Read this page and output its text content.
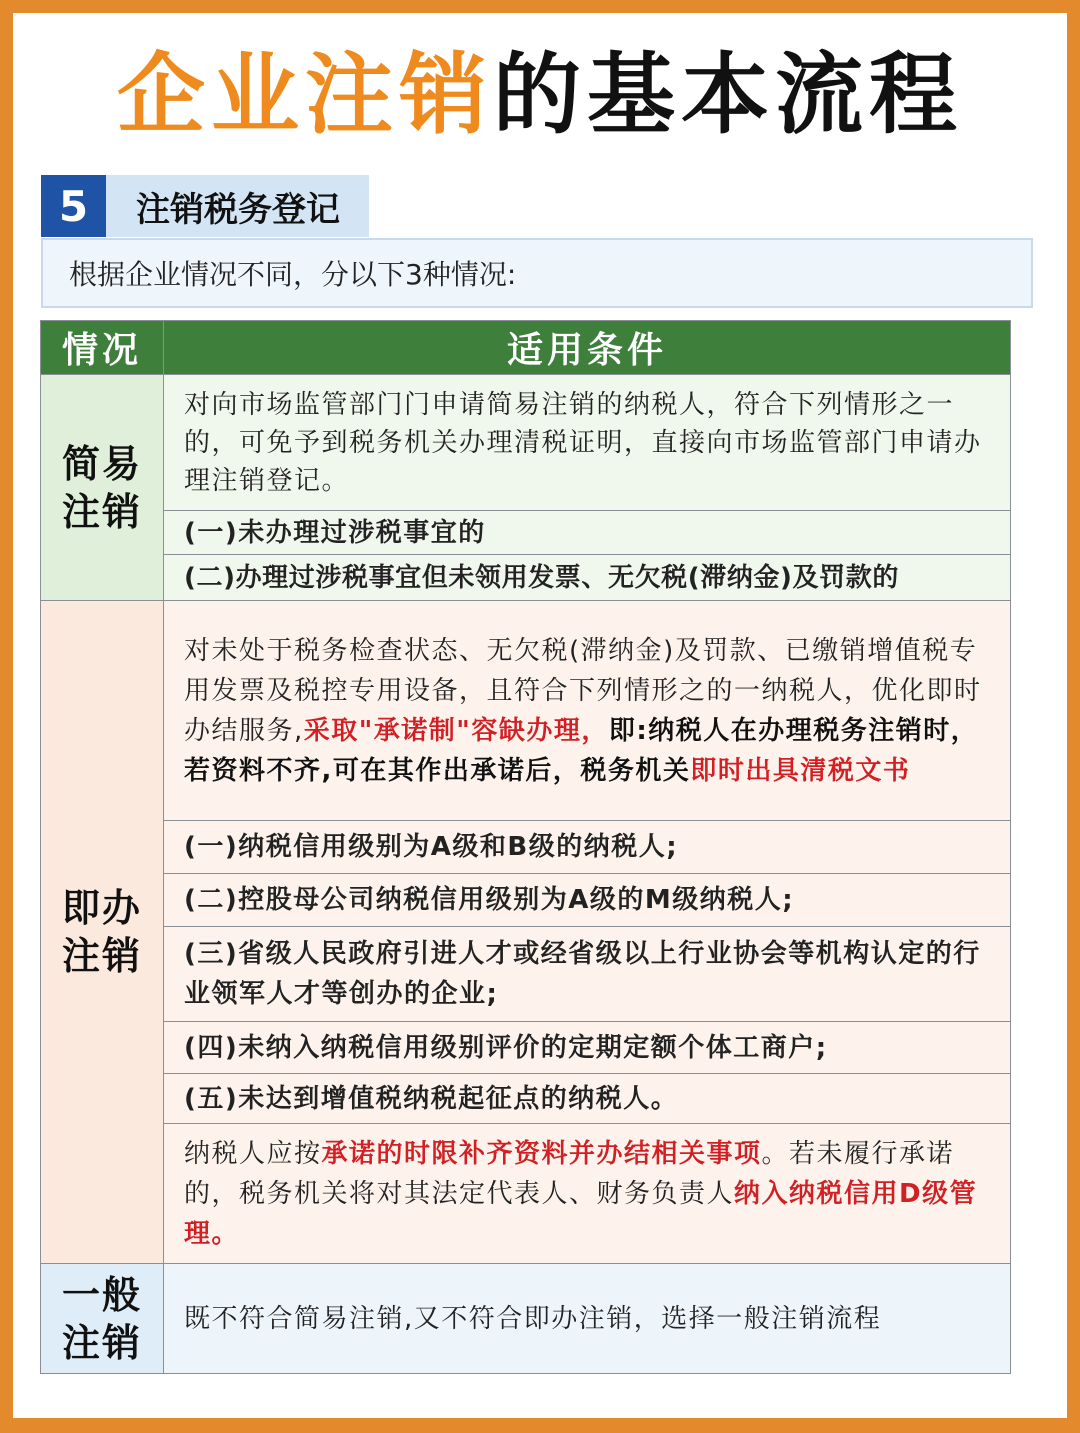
企业注销的基本流程
5	注销税务登记
根据企业情况不同，分以下3种情况:
情况	适用条件

简易注销	对向市场监管部门门申请简易注销的纳税人，符合下列情形之一的，可免予到税务机关办理清税证明，直接向市场监管部门申请办理注销登记。
	(一)未办理过涉税事宜的
	(二)办理过涉税事宜但未领用发票、无欠税(滞纳金)及罚款的

即办注销	对未处于税务检查状态、无欠税(滞纳金)及罚款、已缴销增值税专用发票及税控专用设备，且符合下列情形之的一纳税人，优化即时办结服务,采取"承诺制"容缺办理，即:纳税人在办理税务注销时，若资料不齐,可在其作出承诺后，税务机关即时出具清税文书
	(一)纳税信用级别为A级和B级的纳税人;
	(二)控股母公司纳税信用级别为A级的M级纳税人;
	(三)省级人民政府引进人才或经省级以上行业协会等机构认定的行业领军人才等创办的企业;
	(四)未纳入纳税信用级别评价的定期定额个体工商户;
	(五)未达到增值税纳税起征点的纳税人。
	纳税人应按承诺的时限补齐资料并办结相关事项。若未履行承诺的，税务机关将对其法定代表人、财务负责人纳入纳税信用D级管理。

一般注销	既不符合简易注销,又不符合即办注销，选择一般注销流程
